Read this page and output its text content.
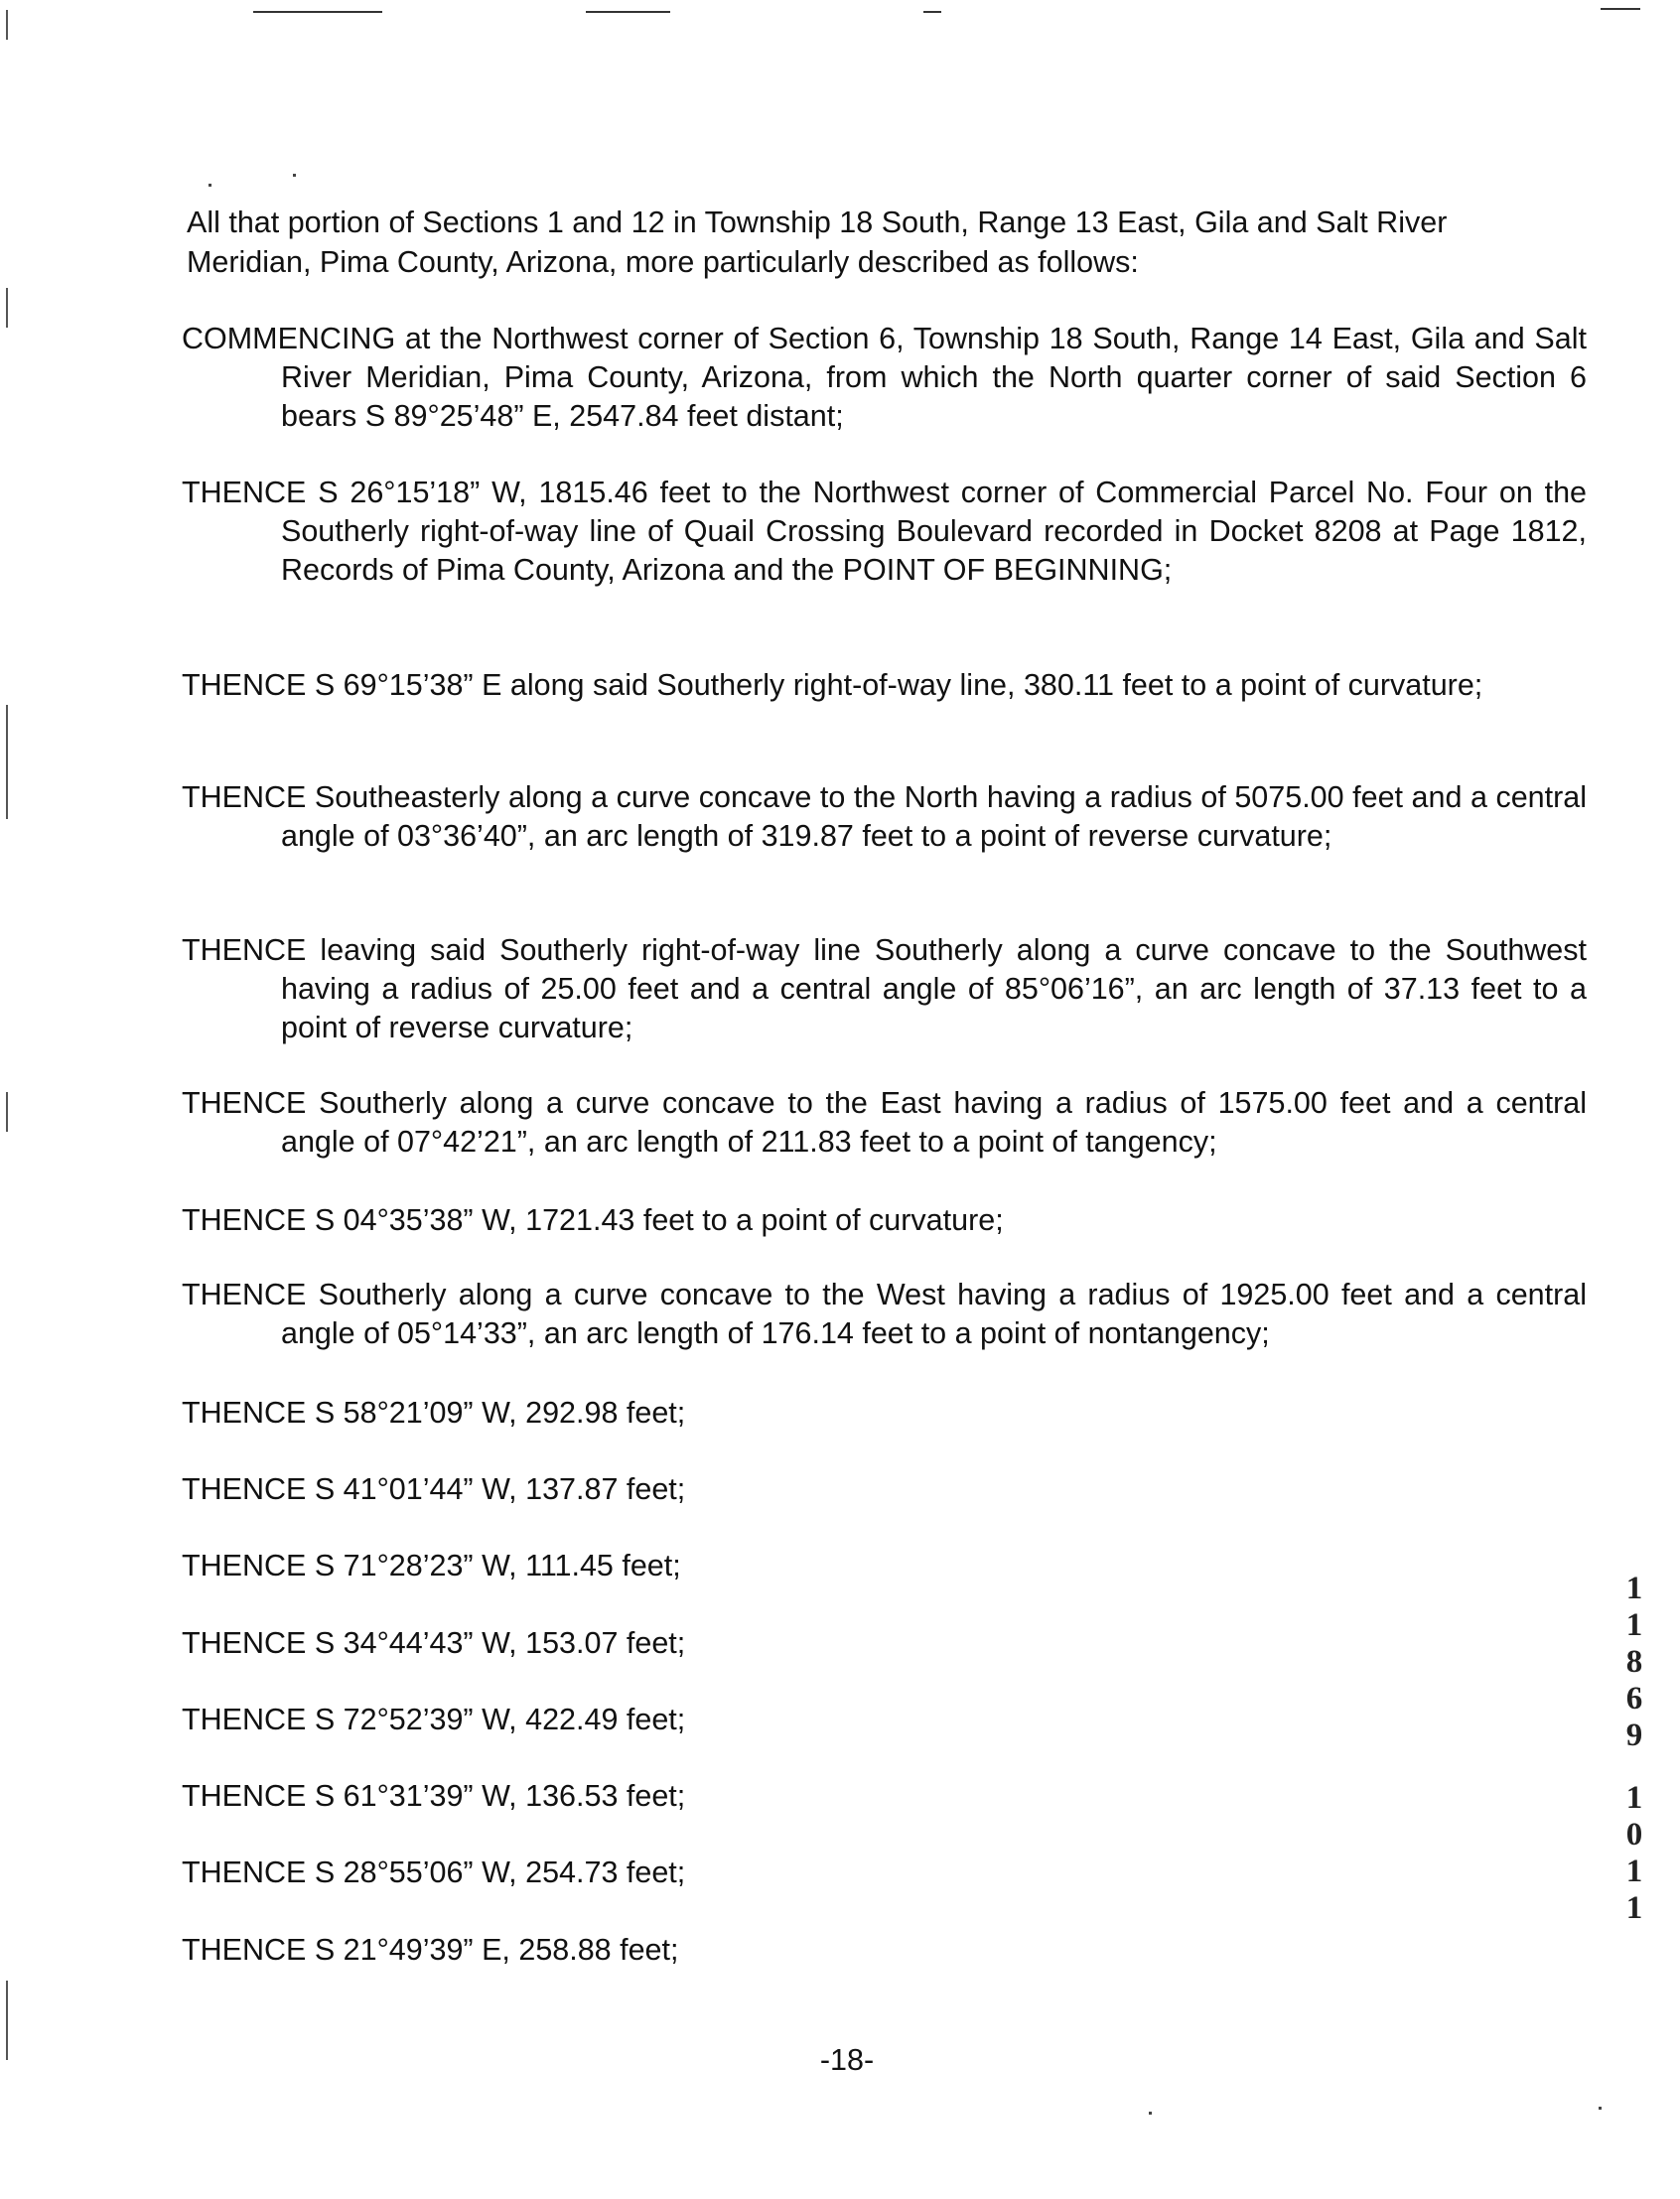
All that portion of Sections 1 and 12 in Township 18 South, Range 13 East, Gila and Salt River Meridian, Pima County, Arizona, more particularly described as follows:

COMMENCING at the Northwest corner of Section 6, Township 18 South, Range 14 East, Gila and Salt River Meridian, Pima County, Arizona, from which the North quarter corner of said Section 6 bears S 89°25’48” E, 2547.84 feet distant;

THENCE S 26°15’18” W, 1815.46 feet to the Northwest corner of Commercial Parcel No. Four on the Southerly right-of-way line of Quail Crossing Boulevard recorded in Docket 8208 at Page 1812, Records of Pima County, Arizona and the POINT OF BEGINNING;

THENCE S 69°15’38” E along said Southerly right-of-way line, 380.11 feet to a point of curvature;

THENCE Southeasterly along a curve concave to the North having a radius of 5075.00 feet and a central angle of 03°36’40”, an arc length of 319.87 feet to a point of reverse curvature;

THENCE leaving said Southerly right-of-way line Southerly along a curve concave to the Southwest having a radius of 25.00 feet and a central angle of 85°06’16”, an arc length of 37.13 feet to a point of reverse curvature;

THENCE Southerly along a curve concave to the East having a radius of 1575.00 feet and a central angle of 07°42’21”, an arc length of 211.83 feet to a point of tangency;

THENCE S 04°35’38” W, 1721.43 feet to a point of curvature;

THENCE Southerly along a curve concave to the West having a radius of 1925.00 feet and a central angle of 05°14’33”, an arc length of 176.14 feet to a point of nontangency;

THENCE S 58°21’09” W, 292.98 feet;

THENCE S 41°01’44” W, 137.87 feet;

THENCE S 71°28’23” W, 111.45 feet;

THENCE S 34°44’43” W, 153.07 feet;

THENCE S 72°52’39” W, 422.49 feet;

THENCE S 61°31’39” W, 136.53 feet;

THENCE S 28°55’06” W, 254.73 feet;

THENCE S 21°49’39” E, 258.88 feet;

-18-
1
1
8
6
9
1
0
1
1
